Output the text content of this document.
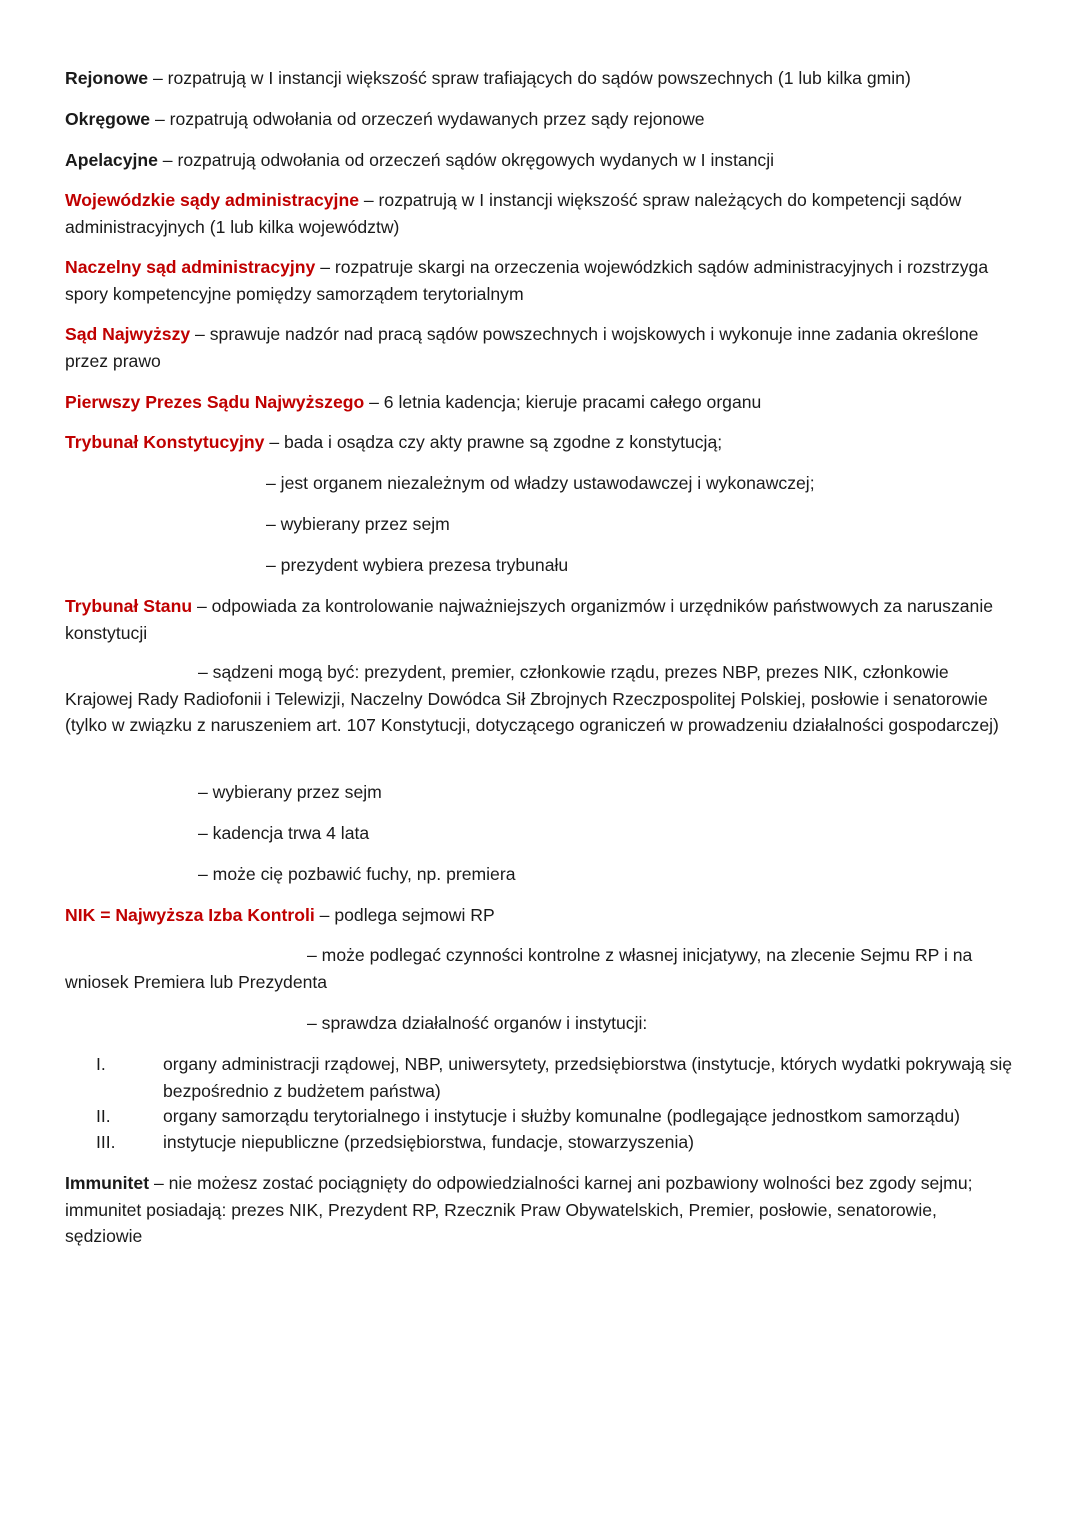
Rejonowe – rozpatrują w I instancji większość spraw trafiających do sądów powszechnych (1 lub kilka gmin)

Okręgowe – rozpatrują odwołania od orzeczeń wydawanych przez sądy rejonowe

Apelacyjne – rozpatrują odwołania od orzeczeń sądów okręgowych wydanych w I instancji

Wojewódzkie sądy administracyjne – rozpatrują w I instancji większość spraw należących do kompetencji sądów administracyjnych (1 lub kilka województw)

Naczelny sąd administracyjny – rozpatruje skargi na orzeczenia wojewódzkich sądów administracyjnych i rozstrzyga spory kompetencyjne pomiędzy samorządem terytorialnym

Sąd Najwyższy – sprawuje nadzór nad pracą sądów powszechnych i wojskowych i wykonuje inne zadania określone przez prawo

Pierwszy Prezes Sądu Najwyższego – 6 letnia kadencja; kieruje pracami całego organu

Trybunał Konstytucyjny – bada i osądza czy akty prawne są zgodne z konstytucją;

– jest organem niezależnym od władzy ustawodawczej i wykonawczej;

– wybierany przez sejm

– prezydent wybiera prezesa trybunału

Trybunał Stanu – odpowiada za kontrolowanie najważniejszych organizmów i urzędników państwowych za naruszanie konstytucji

– sądzeni mogą być: prezydent, premier, członkowie rządu, prezes NBP, prezes NIK, członkowie Krajowej Rady Radiofonii i Telewizji, Naczelny Dowódca Sił Zbrojnych Rzeczpospolitej Polskiej, posłowie i senatorowie (tylko w związku z naruszeniem art. 107 Konstytucji, dotyczącego ograniczeń w prowadzeniu działalności gospodarczej)

– wybierany przez sejm

– kadencja trwa 4 lata

– może cię pozbawić fuchy, np. premiera

NIK = Najwyższa Izba Kontroli – podlega sejmowi RP

– może podlegać czynności kontrolne z własnej inicjatywy, na zlecenie Sejmu RP i na wniosek Premiera lub Prezydenta

– sprawdza działalność organów i instytucji:

I.	organy administracji rządowej, NBP, uniwersytety, przedsiębiorstwa (instytucje, których wydatki pokrywają się bezpośrednio z budżetem państwa)

II.	organy samorządu terytorialnego i instytucje i służby komunalne (podlegające jednostkom samorządu)

III.	instytucje niepubliczne (przedsiębiorstwa, fundacje, stowarzyszenia)

Immunitet – nie możesz zostać pociągnięty do odpowiedzialności karnej ani pozbawiony wolności bez zgody sejmu; immunitet posiadają: prezes NIK, Prezydent RP, Rzecznik Praw Obywatelskich, Premier, posłowie, senatorowie, sędziowie
